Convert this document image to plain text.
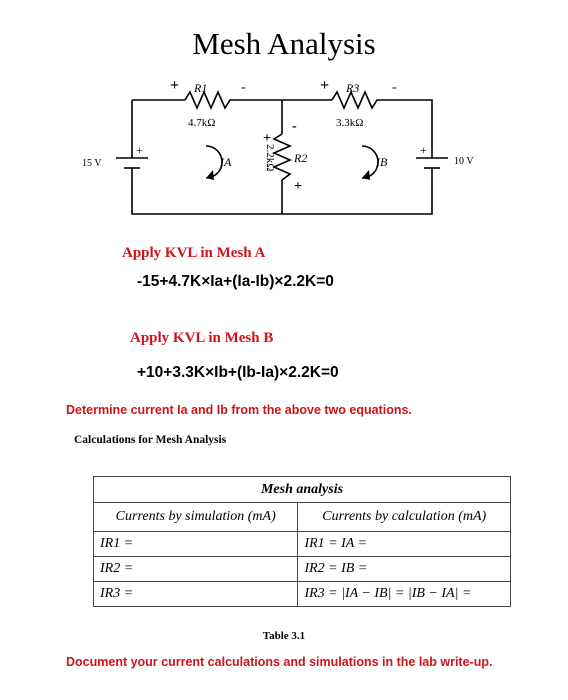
Mesh Analysis
+ R1 -
4.7kΩ
+ R3 -
3.3kΩ
+
-
R2
+
2.2kΩ
15 V
+
10 V
+
IA	IB
Apply KVL in Mesh A
-15+4.7K×Ia+(Ia-Ib)×2.2K=0
Apply KVL in Mesh B
+10+3.3K×Ib+(Ib-Ia)×2.2K=0
Determine current Ia and Ib from the above two equations.
Calculations for Mesh Analysis
Mesh analysis	
Currents by simulation (mA)	Currents by calculation (mA)
IR1 =	IR1 = IA =
IR2 =	IR2 = IB =
IR3 =	IR3 = |IA − IB| = |IB − IA| =
Table 3.1
Document your current calculations and simulations in the lab write-up.
